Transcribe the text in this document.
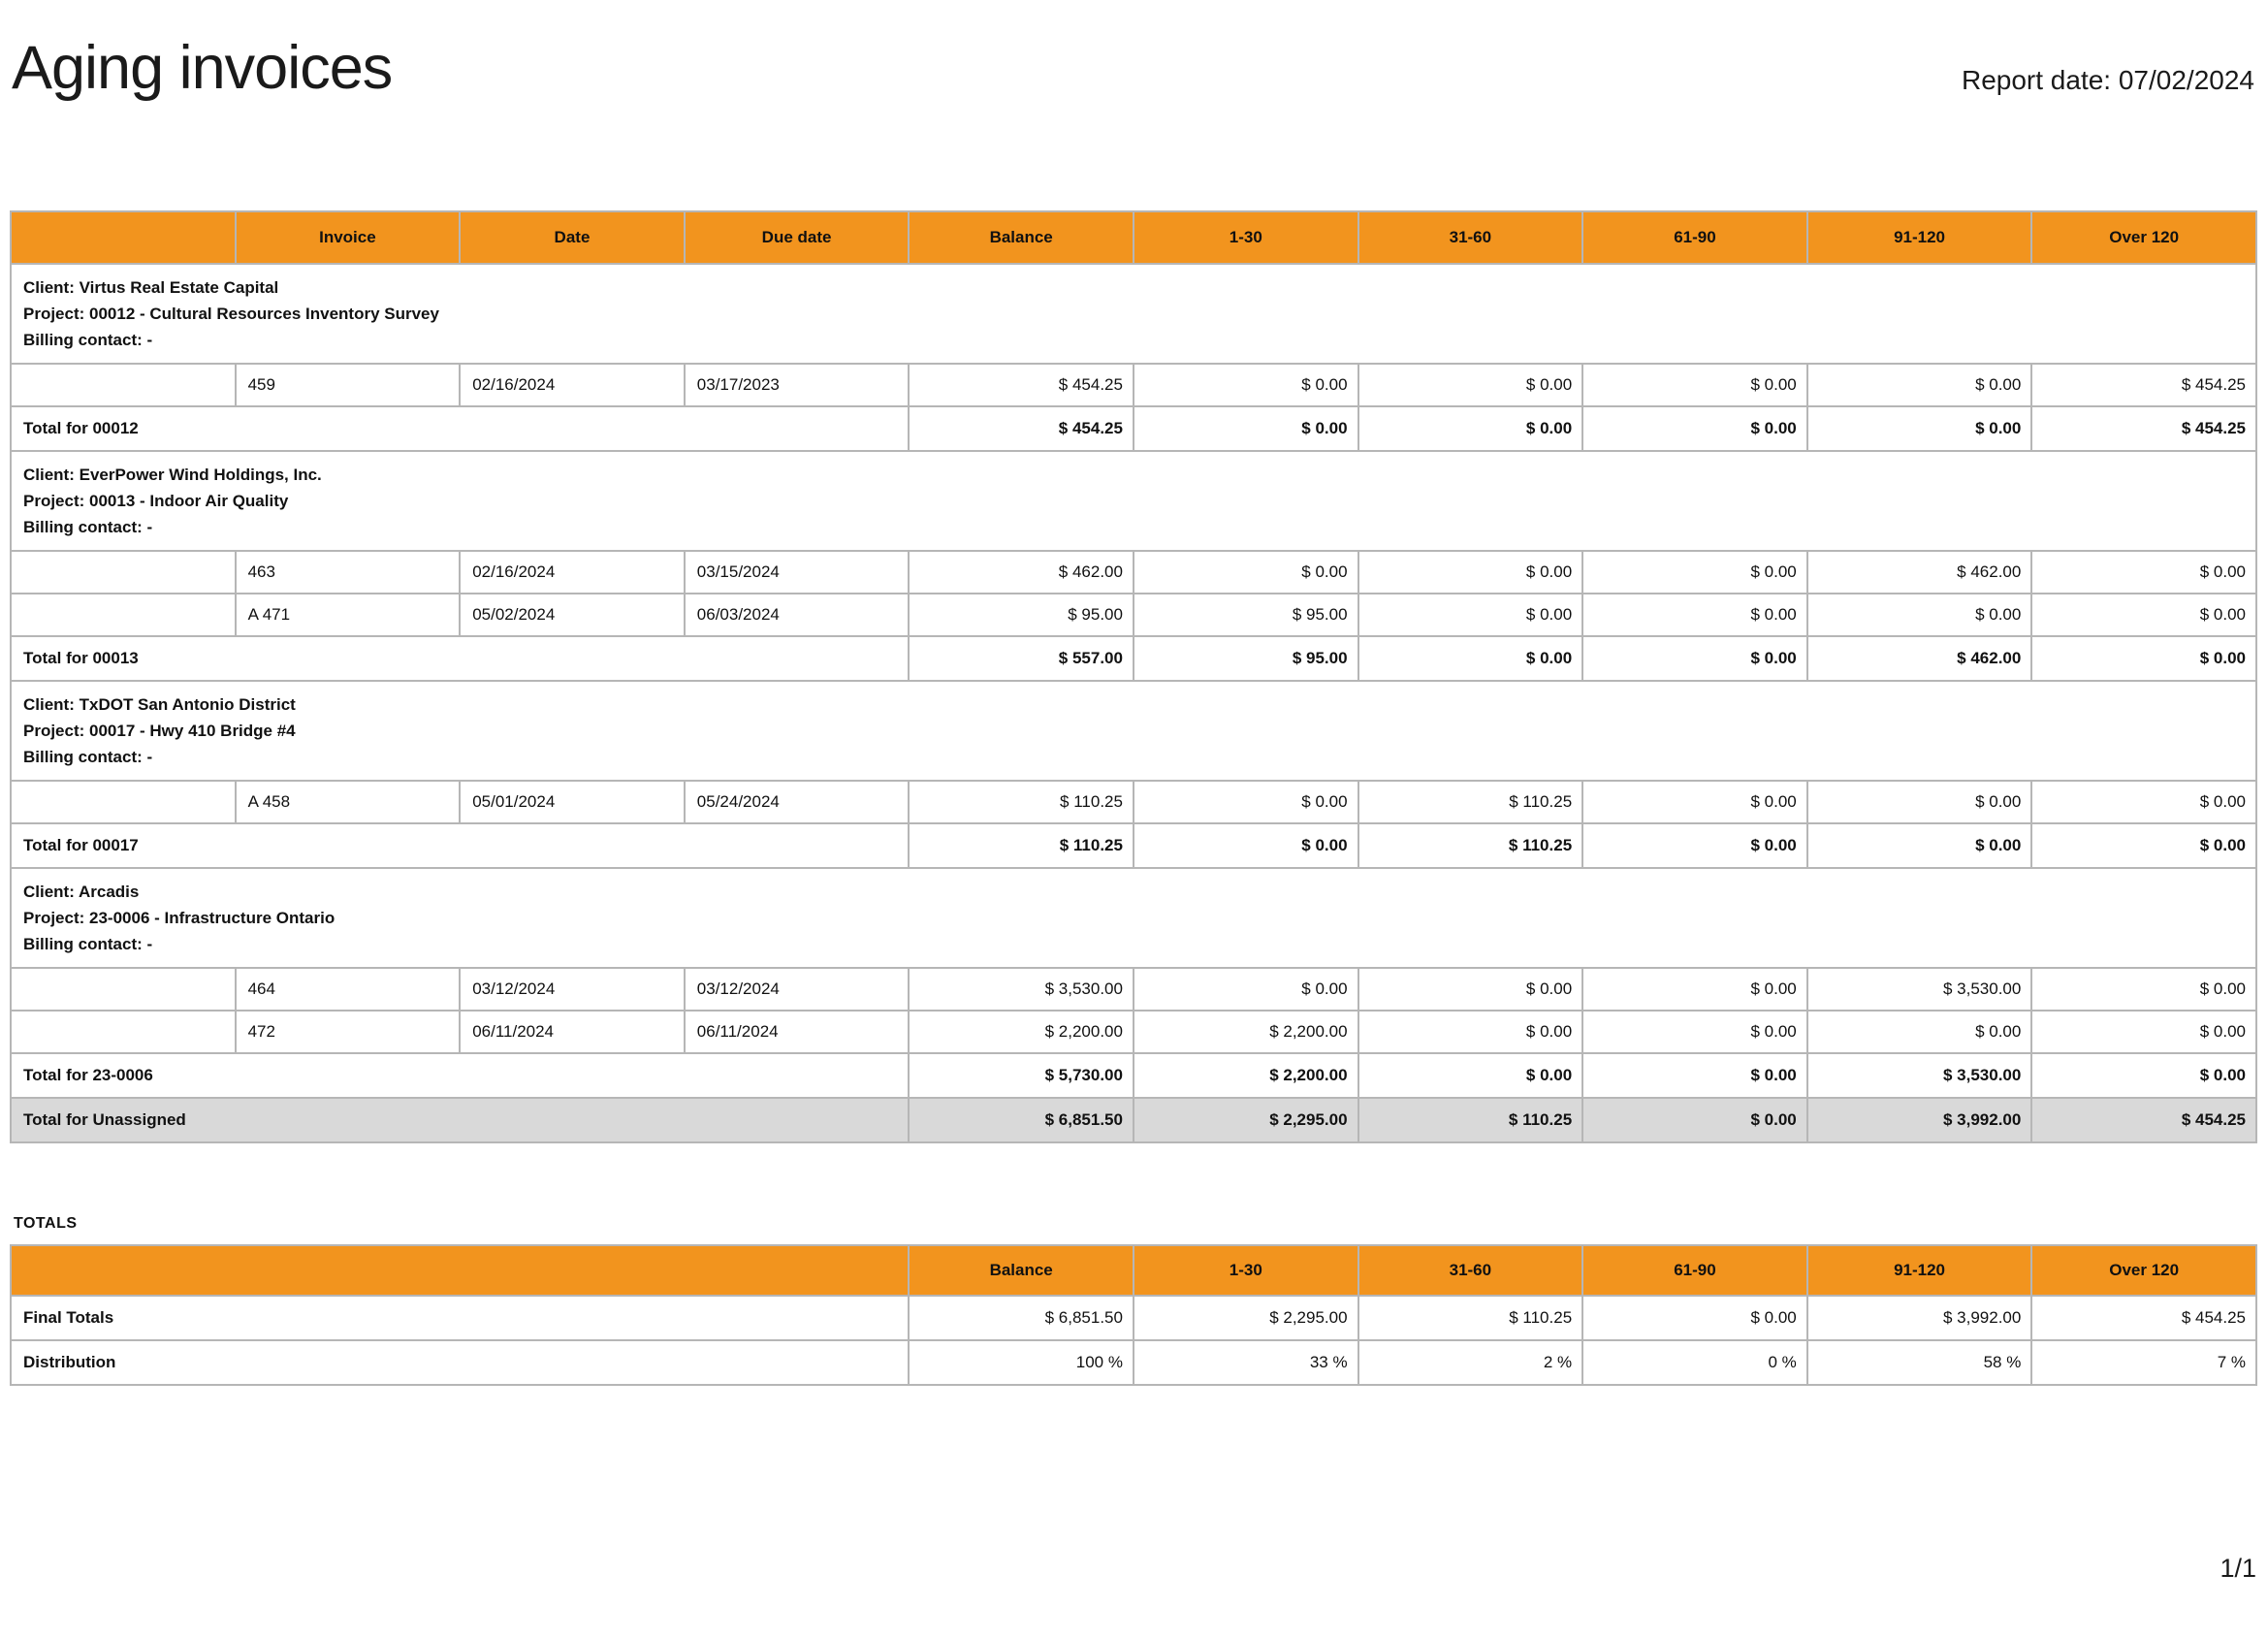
Aging invoices	Report date: 07/02/2024
	Invoice	Date	Due date	Balance	1-30	31-60	61-90	91-120	Over 120

Client: Virtus Real Estate Capital
Project: 00012 - Cultural Resources Inventory Survey
Billing contact: -									

	459	02/16/2024	03/17/2023	$ 454.25	$ 0.00	$ 0.00	$ 0.00	$ 0.00	$ 454.25
Total for 00012				$ 454.25	$ 0.00	$ 0.00	$ 0.00	$ 0.00	$ 454.25

Client: EverPower Wind Holdings, Inc.
Project: 00013 - Indoor Air Quality
Billing contact: -									

	463	02/16/2024	03/15/2024	$ 462.00	$ 0.00	$ 0.00	$ 0.00	$ 462.00	$ 0.00
	A 471	05/02/2024	06/03/2024	$ 95.00	$ 95.00	$ 0.00	$ 0.00	$ 0.00	$ 0.00
Total for 00013				$ 557.00	$ 95.00	$ 0.00	$ 0.00	$ 462.00	$ 0.00

Client: TxDOT San Antonio District
Project: 00017 - Hwy 410 Bridge #4
Billing contact: -									

	A 458	05/01/2024	05/24/2024	$ 110.25	$ 0.00	$ 110.25	$ 0.00	$ 0.00	$ 0.00
Total for 00017				$ 110.25	$ 0.00	$ 110.25	$ 0.00	$ 0.00	$ 0.00

Client: Arcadis
Project: 23-0006 - Infrastructure Ontario
Billing contact: -									

	464	03/12/2024	03/12/2024	$ 3,530.00	$ 0.00	$ 0.00	$ 0.00	$ 3,530.00	$ 0.00
	472	06/11/2024	06/11/2024	$ 2,200.00	$ 2,200.00	$ 0.00	$ 0.00	$ 0.00	$ 0.00
Total for 23-0006				$ 5,730.00	$ 2,200.00	$ 0.00	$ 0.00	$ 3,530.00	$ 0.00
Total for Unassigned				$ 6,851.50	$ 2,295.00	$ 110.25	$ 0.00	$ 3,992.00	$ 454.25
TOTALS
	Balance	1-30	31-60	61-90	91-120	Over 120
Final Totals	$ 6,851.50	$ 2,295.00	$ 110.25	$ 0.00	$ 3,992.00	$ 454.25
Distribution	100 %	33 %	2 %	0 %	58 %	7 %
1/1
